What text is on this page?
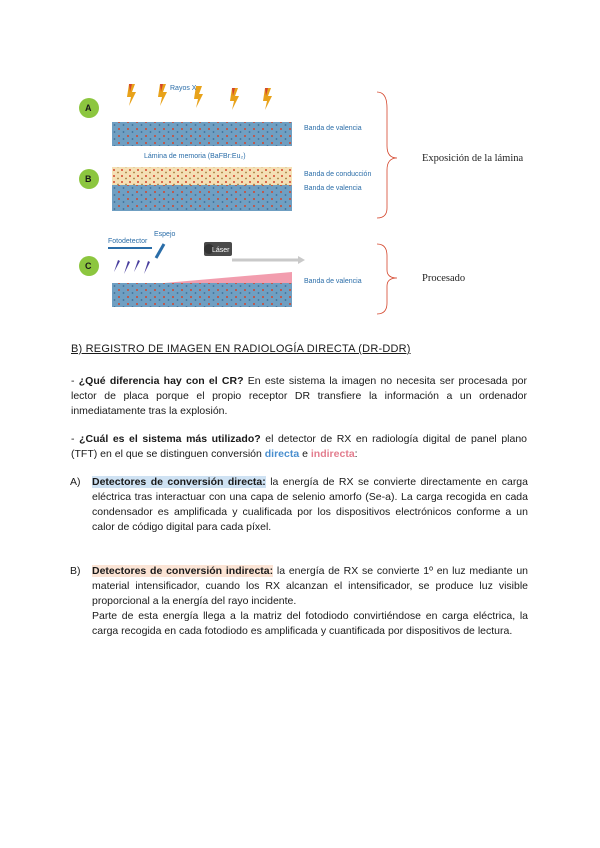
A
Rayos X
Banda de valencia
Lámina de memoria (BaFBr:Eu₂)
B	Banda de conducción
Banda de valencia
C
Fotodetector
Espejo
Láser
Banda de valencia
Exposición de la lámina
Procesado
B) REGISTRO DE IMAGEN EN RADIOLOGÍA DIRECTA (DR-DDR)
- ¿Qué diferencia hay con el CR? En este sistema la imagen no necesita ser procesada por lector de placa porque el propio receptor DR transfiere la información a un ordenador inmediatamente tras la explosión.
- ¿Cuál es el sistema más utilizado? el detector de RX en radiología digital de panel plano (TFT) en el que se distinguen conversión directa e indirecta:
A) Detectores de conversión directa: la energía de RX se convierte directamente en carga eléctrica tras interactuar con una capa de selenio amorfo (Se-a). La carga recogida en cada condensador es amplificada y cualificada por los dispositivos electrónicos conforme a un calor de código digital para cada píxel.
B) Detectores de conversión indirecta: la energía de RX se convierte 1º en luz mediante un material intensificador, cuando los RX alcanzan el intensificador, se produce luz visible proporcional a la energía del rayo incidente.
Parte de esta energía llega a la matriz del fotodiodo convirtiéndose en carga eléctrica, la carga recogida en cada fotodiodo es amplificada y cuantificada por dispositivos de lectura.
